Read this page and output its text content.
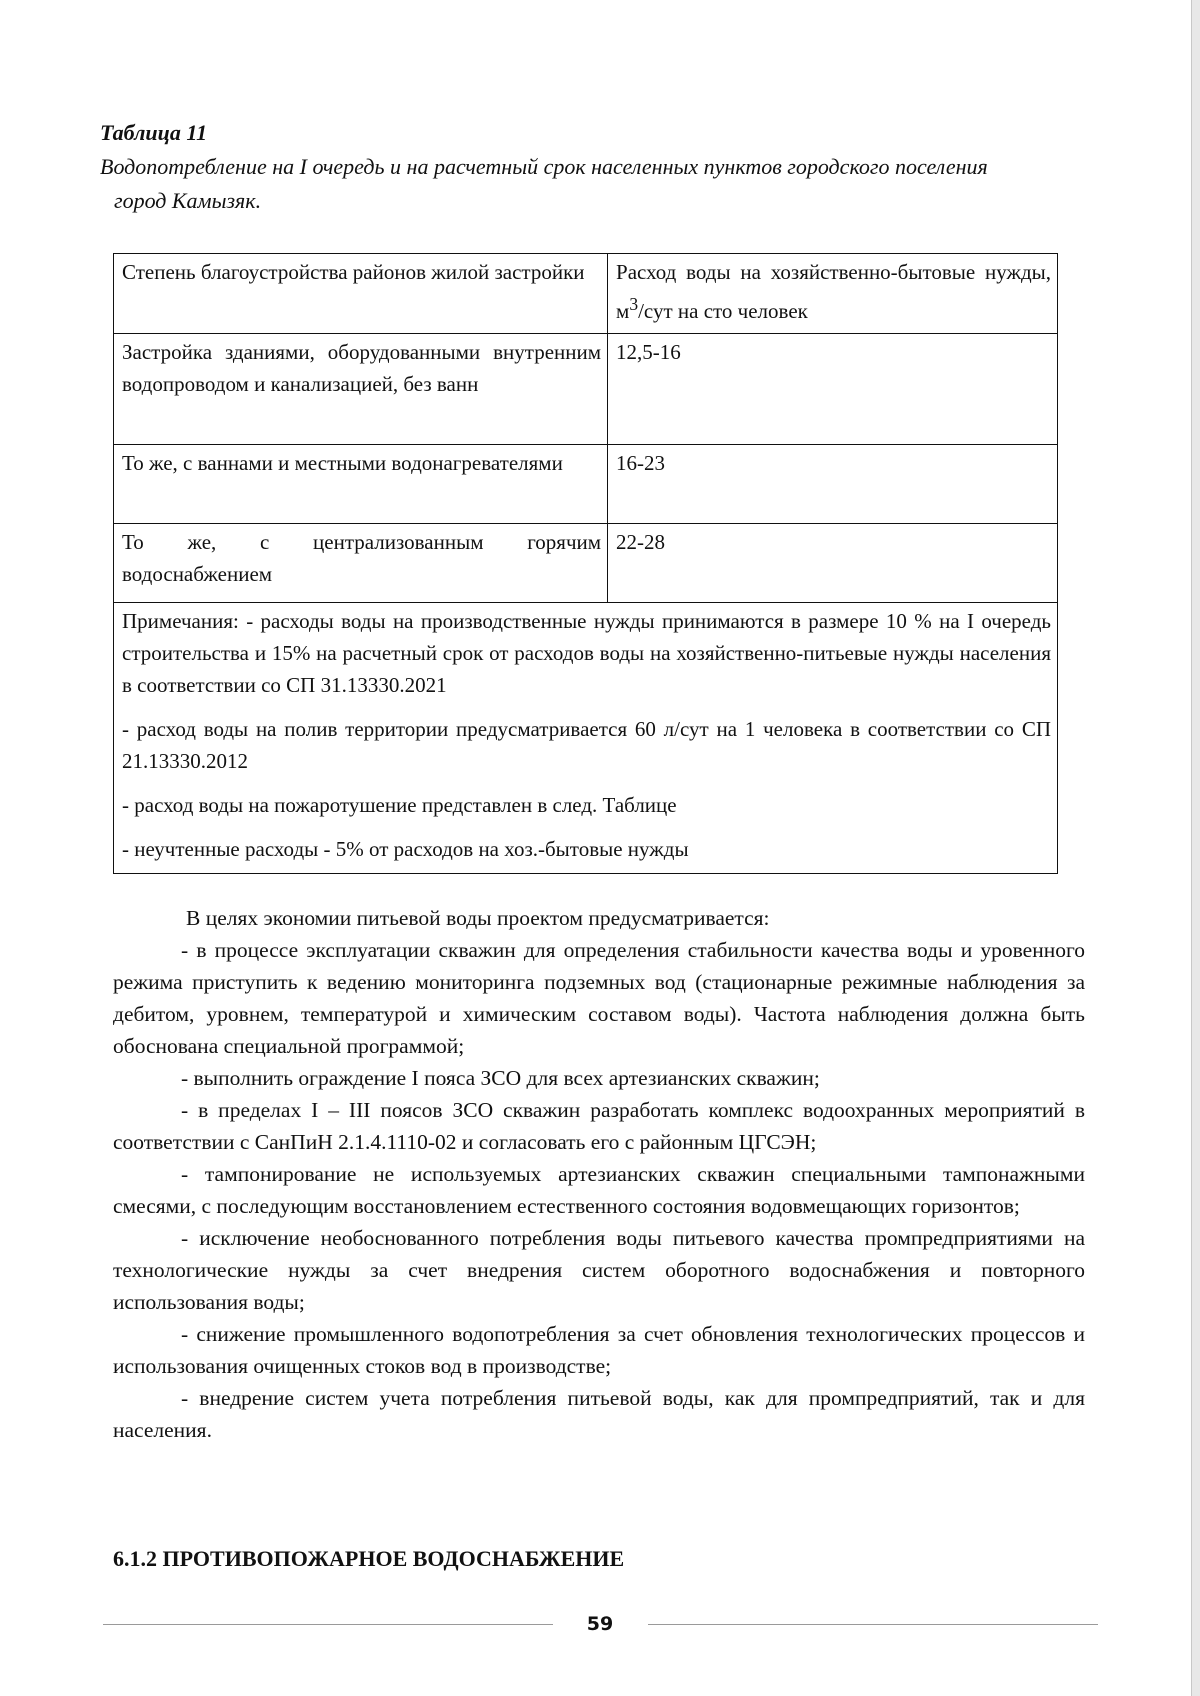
Таблица 11
Водопотребление на I очередь и на расчетный срок населенных пунктов городского поселения
город Камызяк.
Степень благоустройства районов жилой застройки	Расход воды на хозяйственно-бытовые нужды, $м^3$/сут на сто человек
Застройка зданиями, оборудованными внутренним водопроводом и канализацией, без ванн	12,5-16
То же, с ваннами и местными водонагревателями	16-23
То же, с централизованным горячим водоснабжением	22-28

Примечания: - расходы воды на производственные нужды принимаются в размере 10 % на I очередь строительства и 15% на расчетный срок от расходов воды на хозяйственно-питьевые нужды населения в соответствии со СП 31.13330.2021

- расход воды на полив территории предусматривается 60 л/сут на 1 человека в соответствии со СП 21.13330.2012

- расход воды на пожаротушение представлен в след. Таблице

- неучтенные расходы - 5% от расходов на хоз.-бытовые нужды	

В целях экономии питьевой воды проектом предусматривается:

- в процессе эксплуатации скважин для определения стабильности качества воды и уровенного режима приступить к ведению мониторинга подземных вод (стационарные режимные наблюдения за дебитом, уровнем, температурой и химическим составом воды). Частота наблюдения должна быть обоснована специальной программой;

- выполнить ограждение I пояса ЗСО для всех артезианских скважин;

- в пределах I – III поясов ЗСО скважин разработать комплекс водоохранных мероприятий в соответствии с СанПиН 2.1.4.1110-02 и согласовать его с районным ЦГСЭН;

- тампонирование не используемых артезианских скважин специальными тампонажными смесями, с последующим восстановлением естественного состояния водовмещающих горизонтов;

- исключение необоснованного потребления воды питьевого качества промпредприятиями на технологические нужды за счет внедрения систем оборотного водоснабжения и повторного использования воды;

- снижение промышленного водопотребления за счет обновления технологических процессов и использования очищенных стоков вод в производстве;

- внедрение систем учета потребления питьевой воды, как для промпредприятий, так и для населения.

6.1.2 ПРОТИВОПОЖАРНОЕ ВОДОСНАБЖЕНИЕ
59
